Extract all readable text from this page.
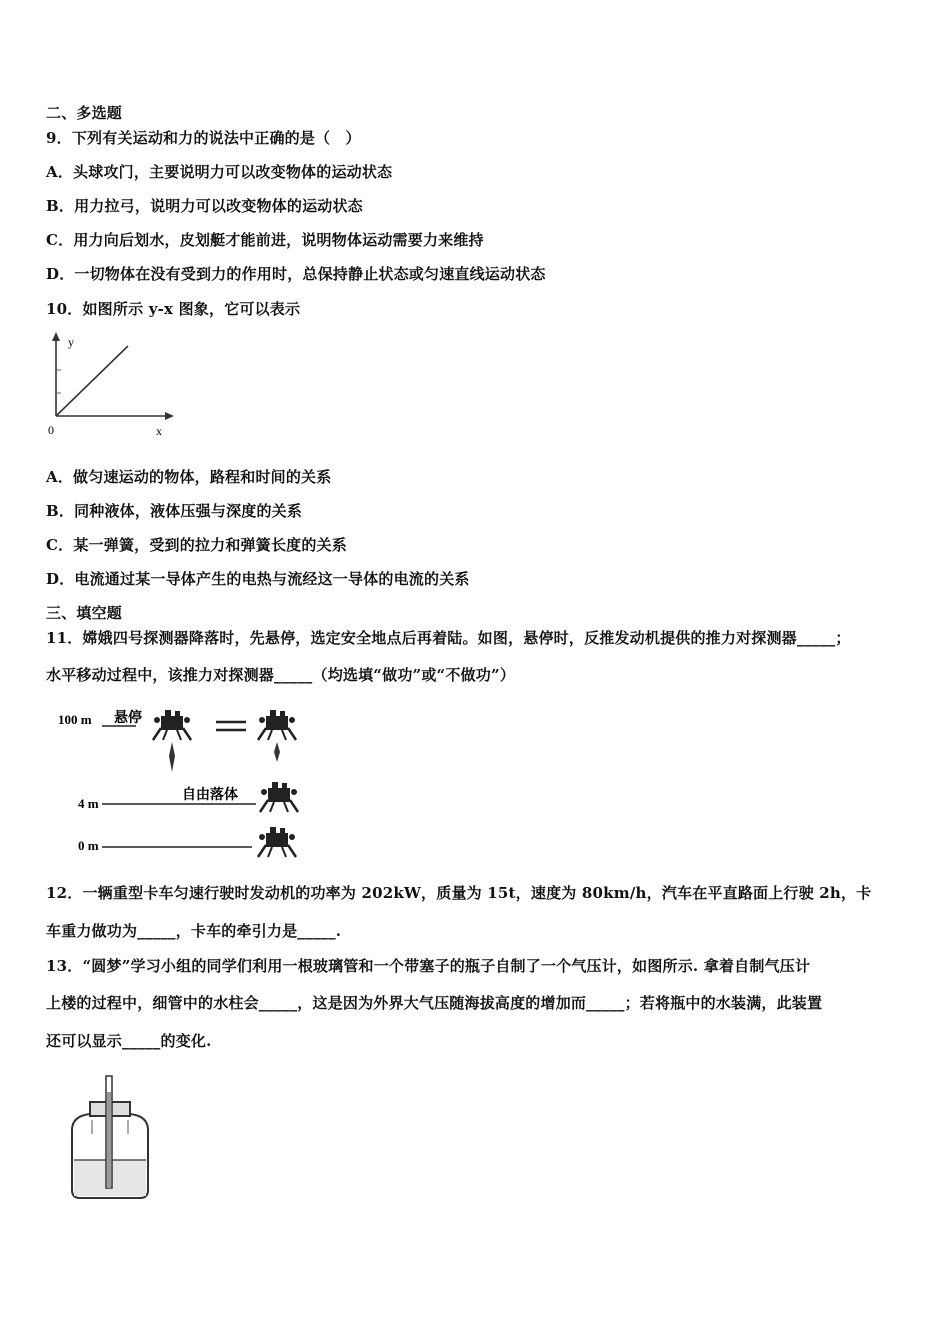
二、多选题
9．下列有关运动和力的说法中正确的是（　）
A．头球攻门，主要说明力可以改变物体的运动状态
B．用力拉弓，说明力可以改变物体的运动状态
C．用力向后划水，皮划艇才能前进，说明物体运动需要力来维持
D．一切物体在没有受到力的作用时，总保持静止状态或匀速直线运动状态
10．如图所示 y-x 图象，它可以表示
y
x
0
A．做匀速运动的物体，路程和时间的关系
B．同种液体，液体压强与深度的关系
C．某一弹簧，受到的拉力和弹簧长度的关系
D．电流通过某一导体产生的电热与流经这一导体的电流的关系
三、填空题
11．嫦娥四号探测器降落时，先悬停，选定安全地点后再着陆。如图，悬停时，反推发动机提供的推力对探测器_____；
水平移动过程中，该推力对探测器_____（均选填“做功”或“不做功”）
100 m 悬停
自由落体
4 m
0 m
12．一辆重型卡车匀速行驶时发动机的功率为 202kW，质量为 15t，速度为 80km/h，汽车在平直路面上行驶 2h，卡
车重力做功为_____，卡车的牵引力是_____.
13．“圆梦”学习小组的同学们利用一根玻璃管和一个带塞子的瓶子自制了一个气压计，如图所示. 拿着自制气压计
上楼的过程中，细管中的水柱会_____，这是因为外界大气压随海拔高度的增加而_____；若将瓶中的水装满，此装置
还可以显示_____的变化.
